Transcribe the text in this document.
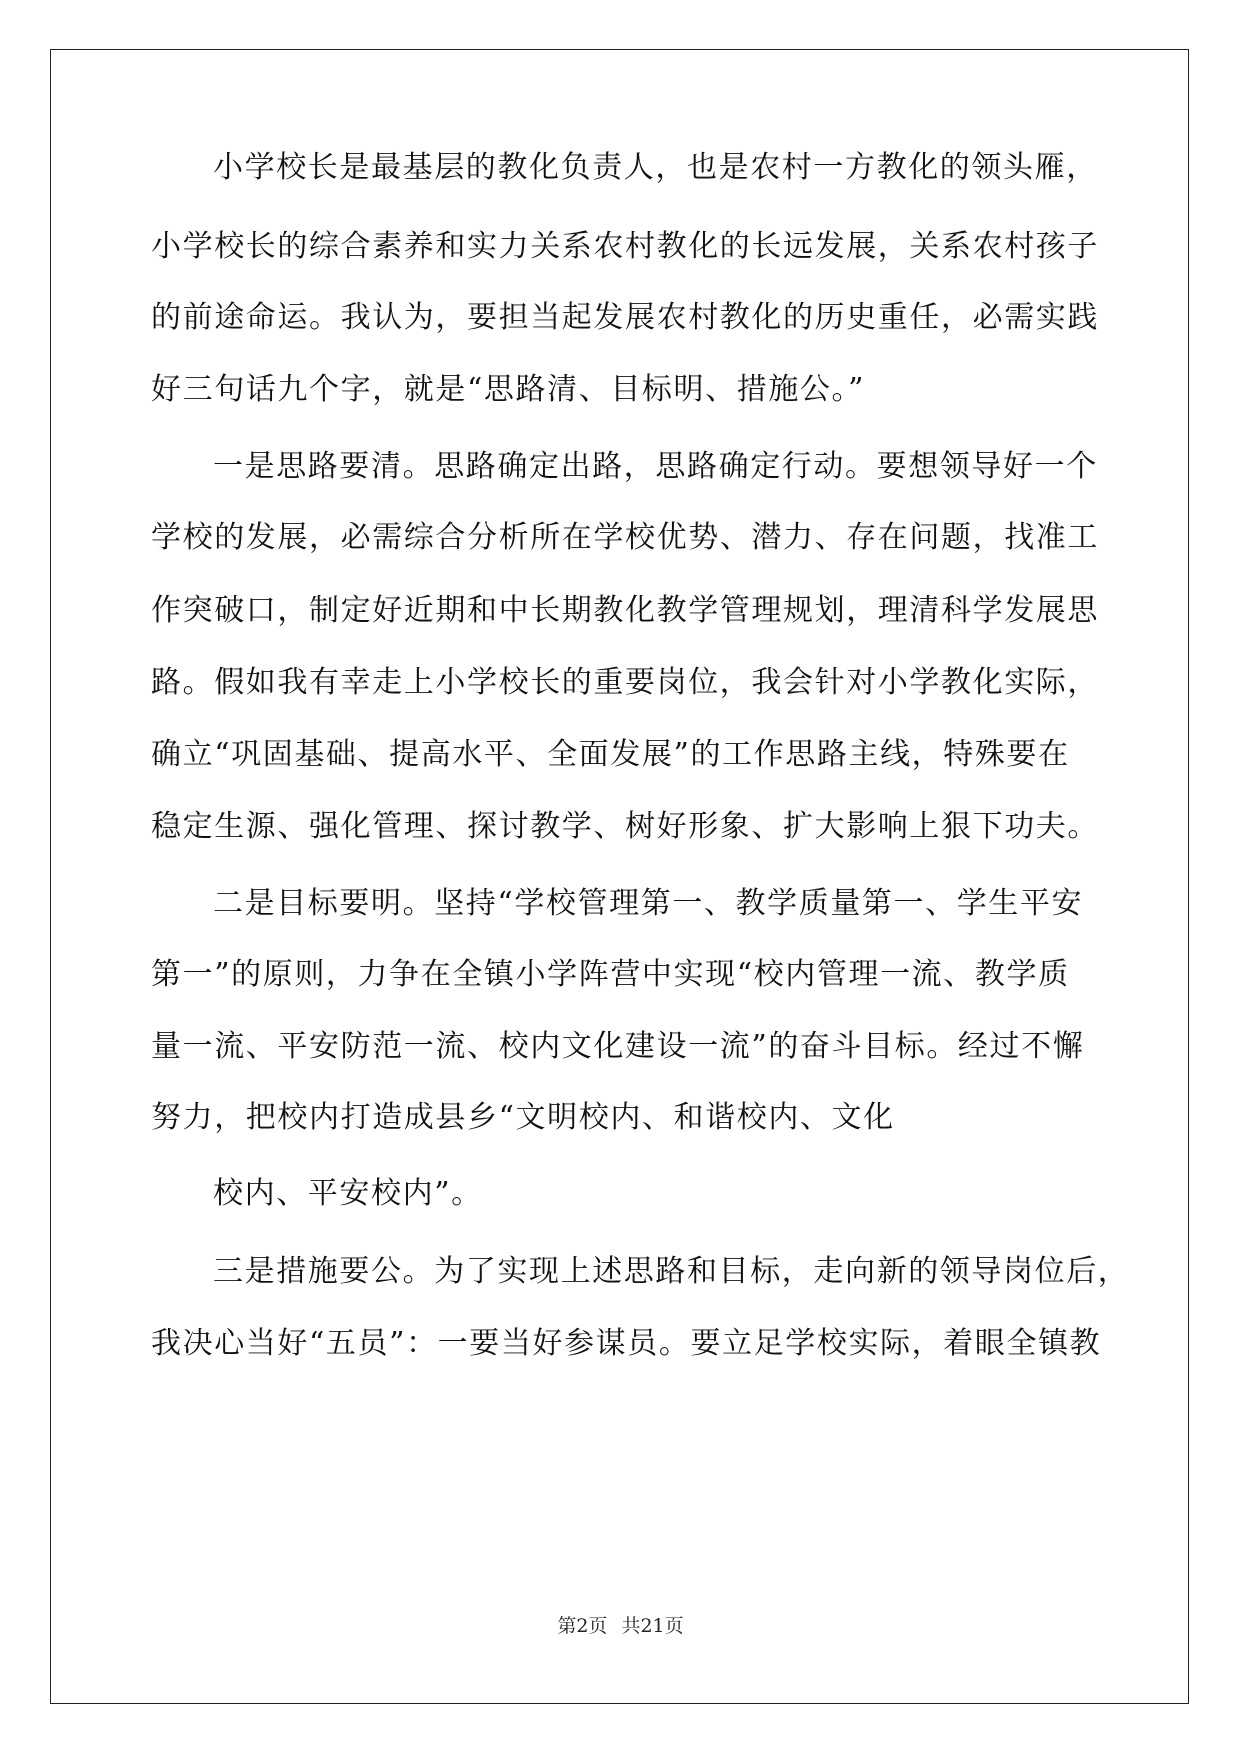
小学校长是最基层的教化负责人，也是农村一方教化的领头雁，
小学校长的综合素养和实力关系农村教化的长远发展，关系农村孩子
的前途命运。我认为，要担当起发展农村教化的历史重任，必需实践
好三句话九个字，就是“思路清、目标明、措施公。”
一是思路要清。思路确定出路，思路确定行动。要想领导好一个
学校的发展，必需综合分析所在学校优势、潜力、存在问题，找准工
作突破口，制定好近期和中长期教化教学管理规划，理清科学发展思
路。假如我有幸走上小学校长的重要岗位，我会针对小学教化实际，
确立“巩固基础、提高水平、全面发展”的工作思路主线，特殊要在
稳定生源、强化管理、探讨教学、树好形象、扩大影响上狠下功夫。
二是目标要明。坚持“学校管理第一、教学质量第一、学生平安
第一”的原则，力争在全镇小学阵营中实现“校内管理一流、教学质
量一流、平安防范一流、校内文化建设一流”的奋斗目标。经过不懈
努力，把校内打造成县乡“文明校内、和谐校内、文化
校内、平安校内”。
三是措施要公。为了实现上述思路和目标，走向新的领导岗位后，
我决心当好“五员”：一要当好参谋员。要立足学校实际，着眼全镇教
第2页 共21页
